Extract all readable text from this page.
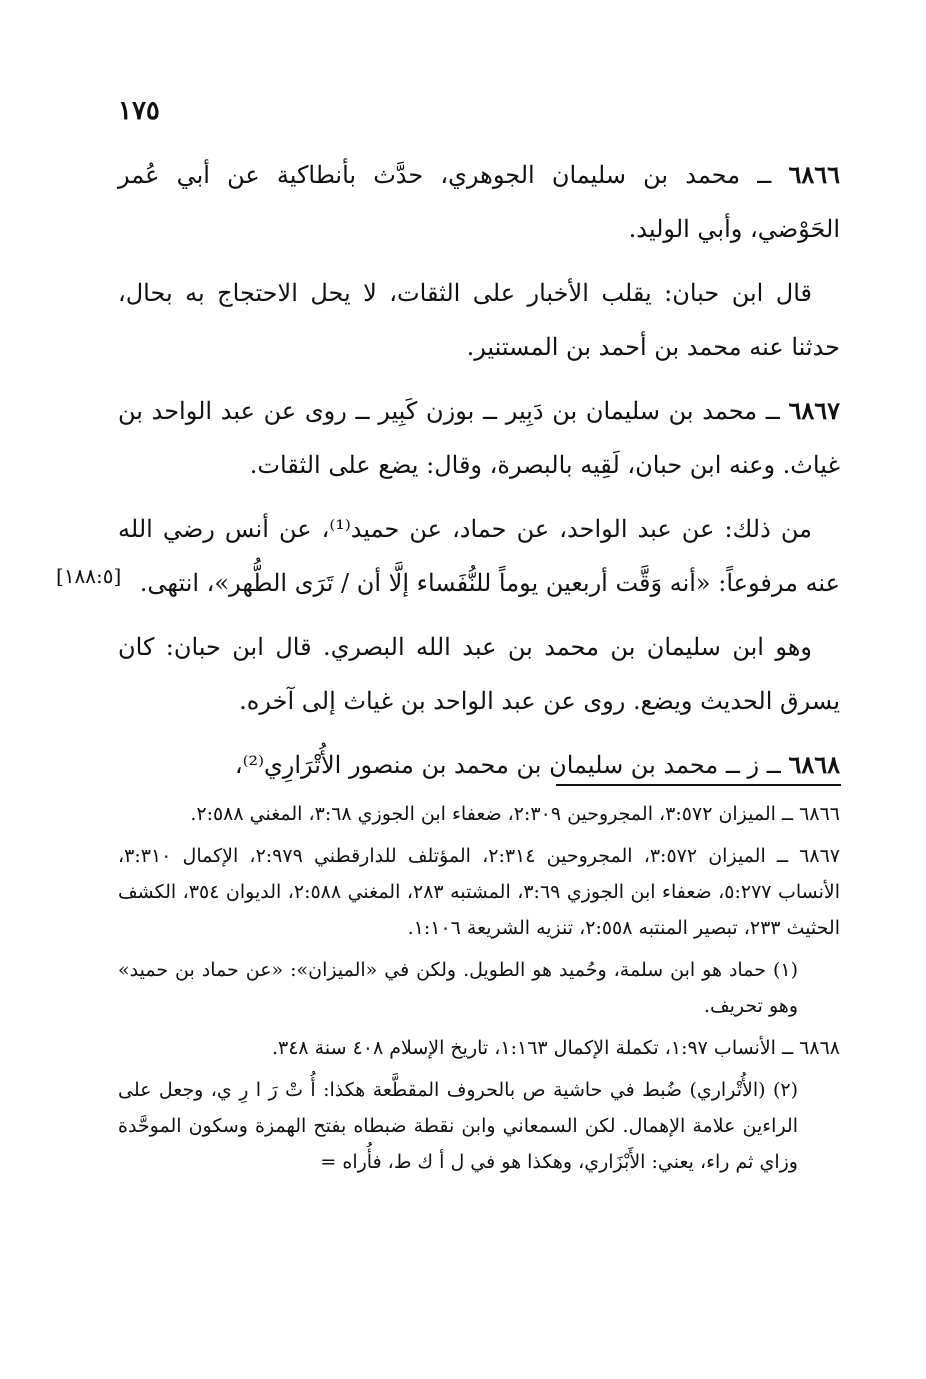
١٧٥

٦٨٦٦ ــ محمد بن سليمان الجوهري، حدَّث بأنطاكية عن أبي عُمر الحَوْضي، وأبي الوليد.

قال ابن حبان: يقلب الأخبار على الثقات، لا يحل الاحتجاج به بحال، حدثنا عنه محمد بن أحمد بن المستنير.

٦٨٦٧ ــ محمد بن سليمان بن دَبِير ــ بوزن كَبِير ــ روى عن عبد الواحد بن غياث. وعنه ابن حبان، لَقِيه بالبصرة، وقال: يضع على الثقات.

من ذلك: عن عبد الواحد، عن حماد، عن حميد⁽¹⁾، عن أنس رضي الله عنه مرفوعاً: «أنه وَقَّت أربعين يوماً للنُّفَساء إلَّا أن / تَرَى الطُّهر»، انتهى.

وهو ابن سليمان بن محمد بن عبد الله البصري. قال ابن حبان: كان يسرق الحديث ويضع. روى عن عبد الواحد بن غياث إلى آخره.

٦٨٦٨ ــ ز ــ محمد بن سليمان بن محمد بن منصور الأُتْرَارِي⁽²⁾،

[١٨٨:٥]

٦٨٦٦ ــ الميزان ٣:٥٧٢، المجروحين ٢:٣٠٩، ضعفاء ابن الجوزي ٣:٦٨، المغني ٢:٥٨٨.

٦٨٦٧ ــ الميزان ٣:٥٧٢، المجروحين ٢:٣١٤، المؤتلف للدارقطني ٢:٩٧٩، الإكمال ٣:٣١٠، الأنساب ٥:٢٧٧، ضعفاء ابن الجوزي ٣:٦٩، المشتبه ٢٨٣، المغني ٢:٥٨٨، الديوان ٣٥٤، الكشف الحثيث ٢٣٣، تبصير المنتبه ٢:٥٥٨، تنزيه الشريعة ١:١٠٦.

(١) حماد هو ابن سلمة، وحُميد هو الطويل. ولكن في «الميزان»: «عن حماد بن حميد» وهو تحريف.

٦٨٦٨ ــ الأنساب ١:٩٧، تكملة الإكمال ١:١٦٣، تاريخ الإسلام ٤٠٨ سنة ٣٤٨.

(٢) (الأُتْراري) ضُبط في حاشية ص بالحروف المقطَّعة هكذا: أُ تْ رَ ا رِ ي، وجعل على الراءين علامة الإهمال. لكن السمعاني وابن نقطة ضبطاه بفتح الهمزة وسكون الموحَّدة وزاي ثم راء، يعني: الأَبْزَاري، وهكذا هو في ل أ ك ط، فأُراه =
